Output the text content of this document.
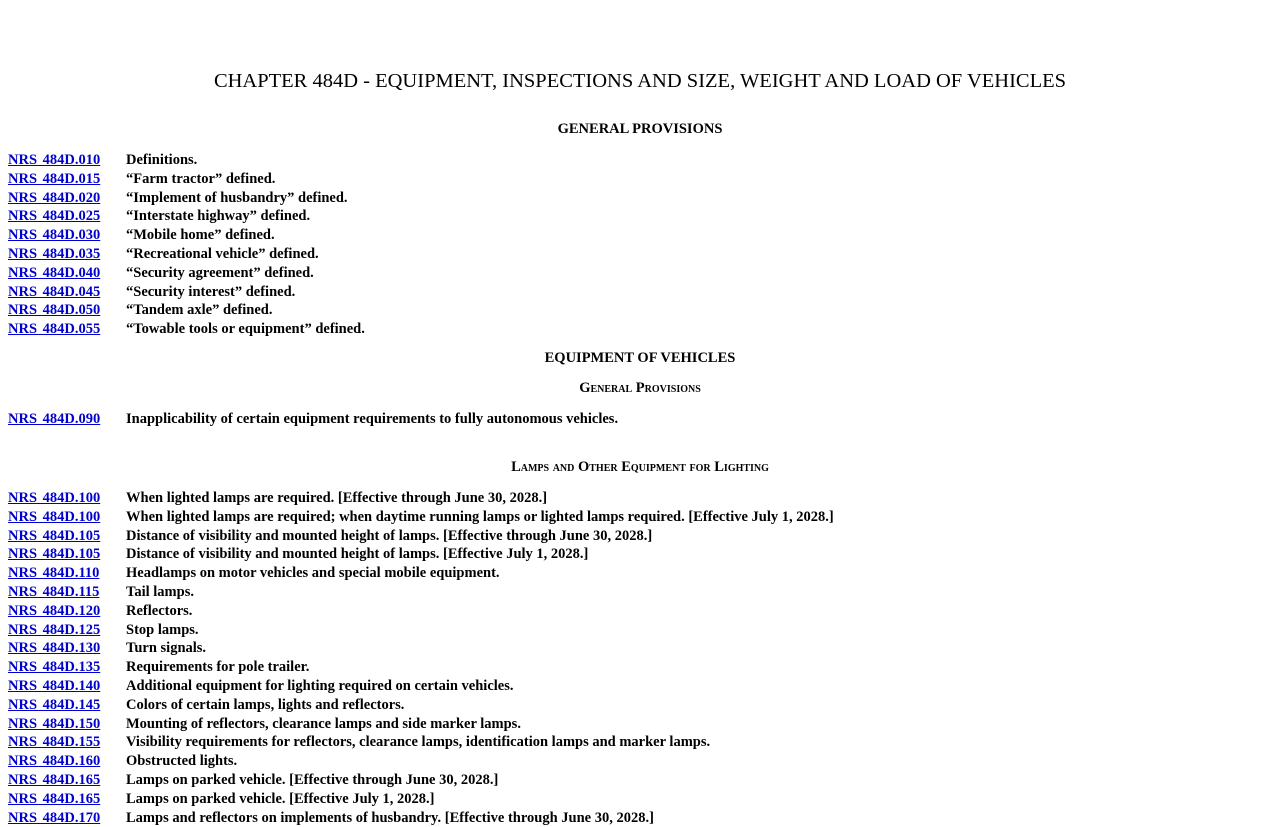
CHAPTER 484D - EQUIPMENT, INSPECTIONS AND SIZE, WEIGHT AND LOAD OF VEHICLES
GENERAL PROVISIONS
NRS 484D.010 Definitions.
NRS 484D.015 “Farm tractor” defined.
NRS 484D.020 “Implement of husbandry” defined.
NRS 484D.025 “Interstate highway” defined.
NRS 484D.030 “Mobile home” defined.
NRS 484D.035 “Recreational vehicle” defined.
NRS 484D.040 “Security agreement” defined.
NRS 484D.045 “Security interest” defined.
NRS 484D.050 “Tandem axle” defined.
NRS 484D.055 “Towable tools or equipment” defined.
EQUIPMENT OF VEHICLES
General Provisions
NRS 484D.090 Inapplicability of certain equipment requirements to fully autonomous vehicles.
Lamps and Other Equipment for Lighting
NRS 484D.100 When lighted lamps are required. [Effective through June 30, 2028.]
NRS 484D.100 When lighted lamps are required; when daytime running lamps or lighted lamps required. [Effective July 1, 2028.]
NRS 484D.105 Distance of visibility and mounted height of lamps. [Effective through June 30, 2028.]
NRS 484D.105 Distance of visibility and mounted height of lamps. [Effective July 1, 2028.]
NRS 484D.110 Headlamps on motor vehicles and special mobile equipment.
NRS 484D.115 Tail lamps.
NRS 484D.120 Reflectors.
NRS 484D.125 Stop lamps.
NRS 484D.130 Turn signals.
NRS 484D.135 Requirements for pole trailer.
NRS 484D.140 Additional equipment for lighting required on certain vehicles.
NRS 484D.145 Colors of certain lamps, lights and reflectors.
NRS 484D.150 Mounting of reflectors, clearance lamps and side marker lamps.
NRS 484D.155 Visibility requirements for reflectors, clearance lamps, identification lamps and marker lamps.
NRS 484D.160 Obstructed lights.
NRS 484D.165 Lamps on parked vehicle. [Effective through June 30, 2028.]
NRS 484D.165 Lamps on parked vehicle. [Effective July 1, 2028.]
NRS 484D.170 Lamps and reflectors on implements of husbandry. [Effective through June 30, 2028.]
